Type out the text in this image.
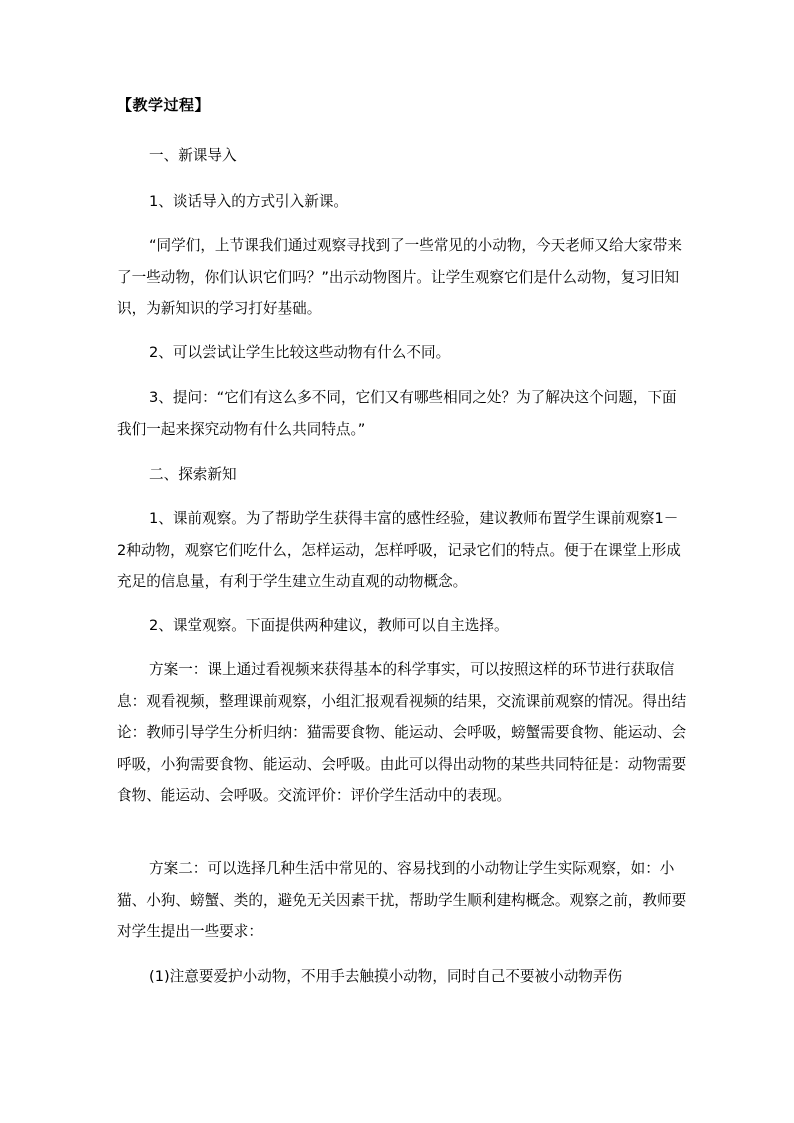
【教学过程】

一、新课导入

1、谈话导入的方式引入新课。

“同学们，上节课我们通过观察寻找到了一些常见的小动物，今天老师又给大家带来了一些动物，你们认识它们吗？”出示动物图片。让学生观察它们是什么动物，复习旧知识，为新知识的学习打好基础。

2、可以尝试让学生比较这些动物有什么不同。

3、提问：“它们有这么多不同，它们又有哪些相同之处？为了解决这个问题，下面我们一起来探究动物有什么共同特点。”

二、探索新知

1、课前观察。为了帮助学生获得丰富的感性经验，建议教师布置学生课前观察1－2种动物，观察它们吃什么，怎样运动，怎样呼吸，记录它们的特点。便于在课堂上形成充足的信息量，有利于学生建立生动直观的动物概念。

2、课堂观察。下面提供两种建议，教师可以自主选择。

方案一：课上通过看视频来获得基本的科学事实，可以按照这样的环节进行获取信息：观看视频，整理课前观察，小组汇报观看视频的结果，交流课前观察的情况。得出结论：教师引导学生分析归纳：猫需要食物、能运动、会呼吸，螃蟹需要食物、能运动、会呼吸，小狗需要食物、能运动、会呼吸。由此可以得出动物的某些共同特征是：动物需要食物、能运动、会呼吸。交流评价：评价学生活动中的表现。

方案二：可以选择几种生活中常见的、容易找到的小动物让学生实际观察，如：小猫、小狗、螃蟹、类的，避免无关因素干扰，帮助学生顺利建构概念。观察之前，教师要对学生提出一些要求：

(1)注意要爱护小动物，不用手去触摸小动物，同时自己不要被小动物弄伤
